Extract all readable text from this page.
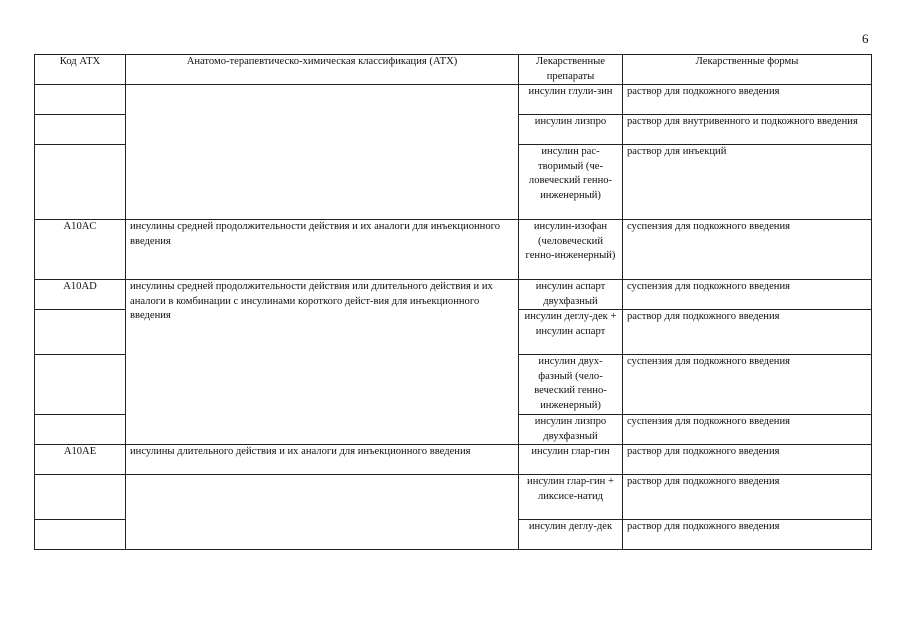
6
Код АТХ	Анатомо-терапевтическо-химическая классификация (АТХ)	Лекарственные препараты	Лекарственные формы
		инсулин глули-зин	раствор для подкожного введения
		инсулин лизпро	раствор для внутривенного и подкожного введения
		инсулин рас-творимый (че-ловеческий генно-инженерный)	раствор для инъекций
A10AC	инсулины средней продолжительности действия и их аналоги для инъекционного введения	инсулин-изофан (человеческий генно-инженерный)	суспензия для подкожного введения
A10AD	инсулины средней продолжительности действия или длительного действия и их аналоги в комбинации с инсулинами короткого дейст-вия для инъекционного введения	инсулин аспарт двухфазный	суспензия для подкожного введения
		инсулин деглу-дек + инсулин аспарт	раствор для подкожного введения
		инсулин двух-фазный (чело-веческий генно-инженерный)	суспензия для подкожного введения
		инсулин лизпро двухфазный	суспензия для подкожного введения
A10AE	инсулины длительного действия и их аналоги для инъекционного введения	инсулин глар-гин	раствор для подкожного введения
		инсулин глар-гин + ликсисе-натид	раствор для подкожного введения
		инсулин деглу-дек	раствор для подкожного введения
